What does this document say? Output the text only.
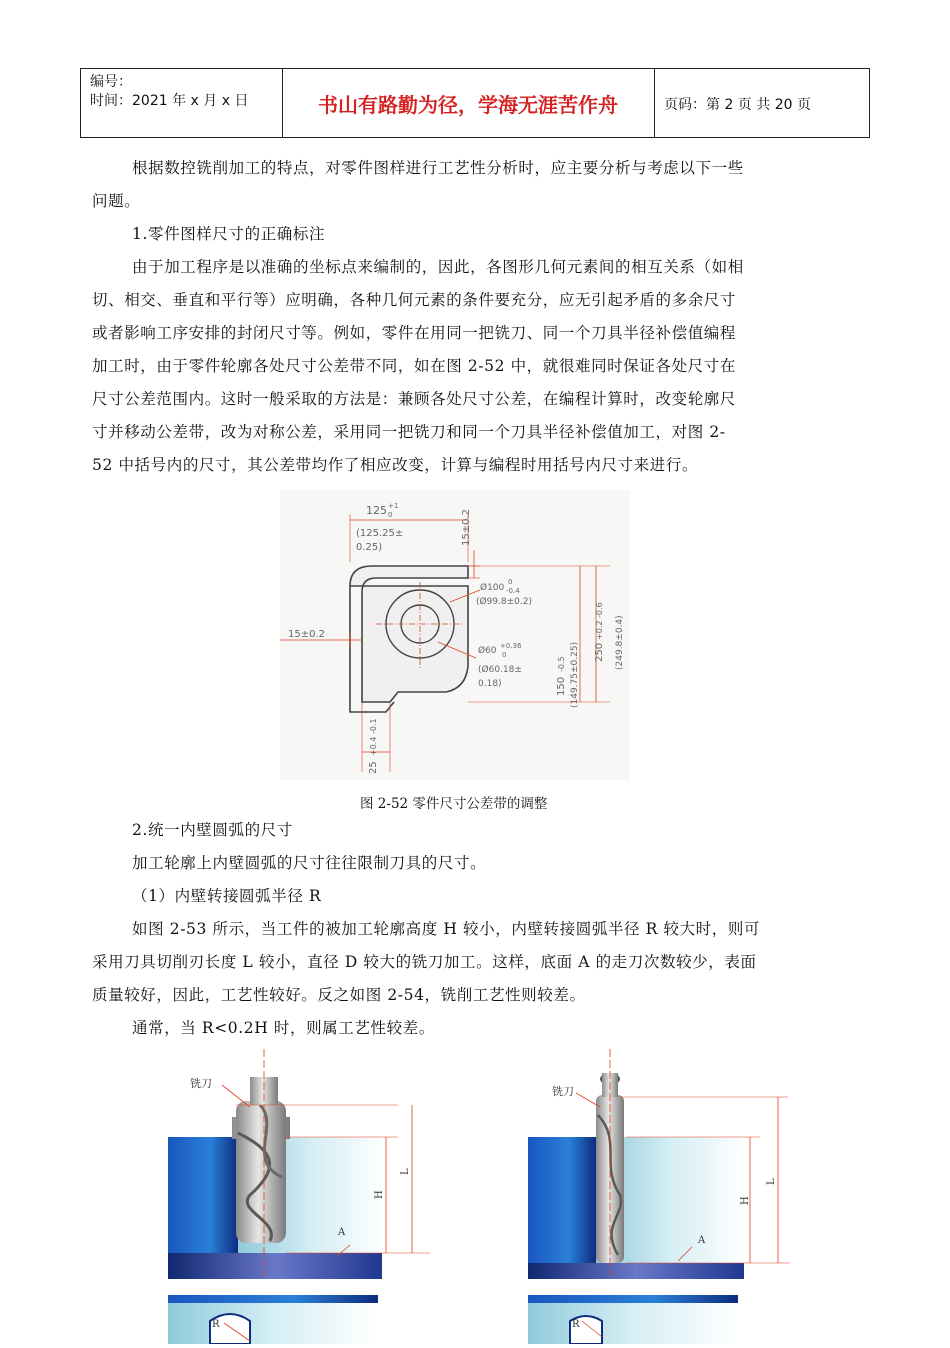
编号：
时间：2021 年 x 月 x 日	书山有路勤为径，学海无涯苦作舟	页码：第 2 页 共 20 页
根据数控铣削加工的特点，对零件图样进行工艺性分析时，应主要分析与考虑以下一些
问题。
1.零件图样尺寸的正确标注
由于加工程序是以准确的坐标点来编制的，因此，各图形几何元素间的相互关系（如相
切、相交、垂直和平行等）应明确，各种几何元素的条件要充分，应无引起矛盾的多余尺寸
或者影响工序安排的封闭尺寸等。例如，零件在用同一把铣刀、同一个刀具半径补偿值编程
加工时，由于零件轮廓各处尺寸公差带不同，如在图 2-52 中，就很难同时保证各处尺寸在
尺寸公差范围内。这时一般采取的方法是：兼顾各处尺寸公差，在编程计算时，改变轮廓尺
寸并移动公差带，改为对称公差，采用同一把铣刀和同一个刀具半径补偿值加工，对图 2-
52 中括号内的尺寸，其公差带均作了相应改变，计算与编程时用括号内尺寸来进行。
125 +1
0
(125.25±
0.25)
15±0.2
15±0.2
Ø100
0
-0.4
(Ø99.8±0.2)
Ø60 +0.36
0
(Ø60.18±
0.18)	150
-0.5 (149.75±0.25) 250
+0.2 -0.6 (249.8±0.4)
25
+0.4 -0.1
图 2-52 零件尺寸公差带的调整
2.统一内壁圆弧的尺寸
加工轮廓上内壁圆弧的尺寸往往限制刀具的尺寸。
（1）内壁转接圆弧半径 R
如图 2-53 所示，当工件的被加工轮廓高度 H 较小，内壁转接圆弧半径 R 较大时，则可
采用刀具切削刃长度 L 较小，直径 D 较大的铣刀加工。这样，底面 A 的走刀次数较少，表面
质量较好，因此，工艺性较好。反之如图 2-54，铣削工艺性则较差。
通常，当 R<0.2H 时，则属工艺性较差。
铣刀
H
L
A
R
铣刀
H
L
A
R
